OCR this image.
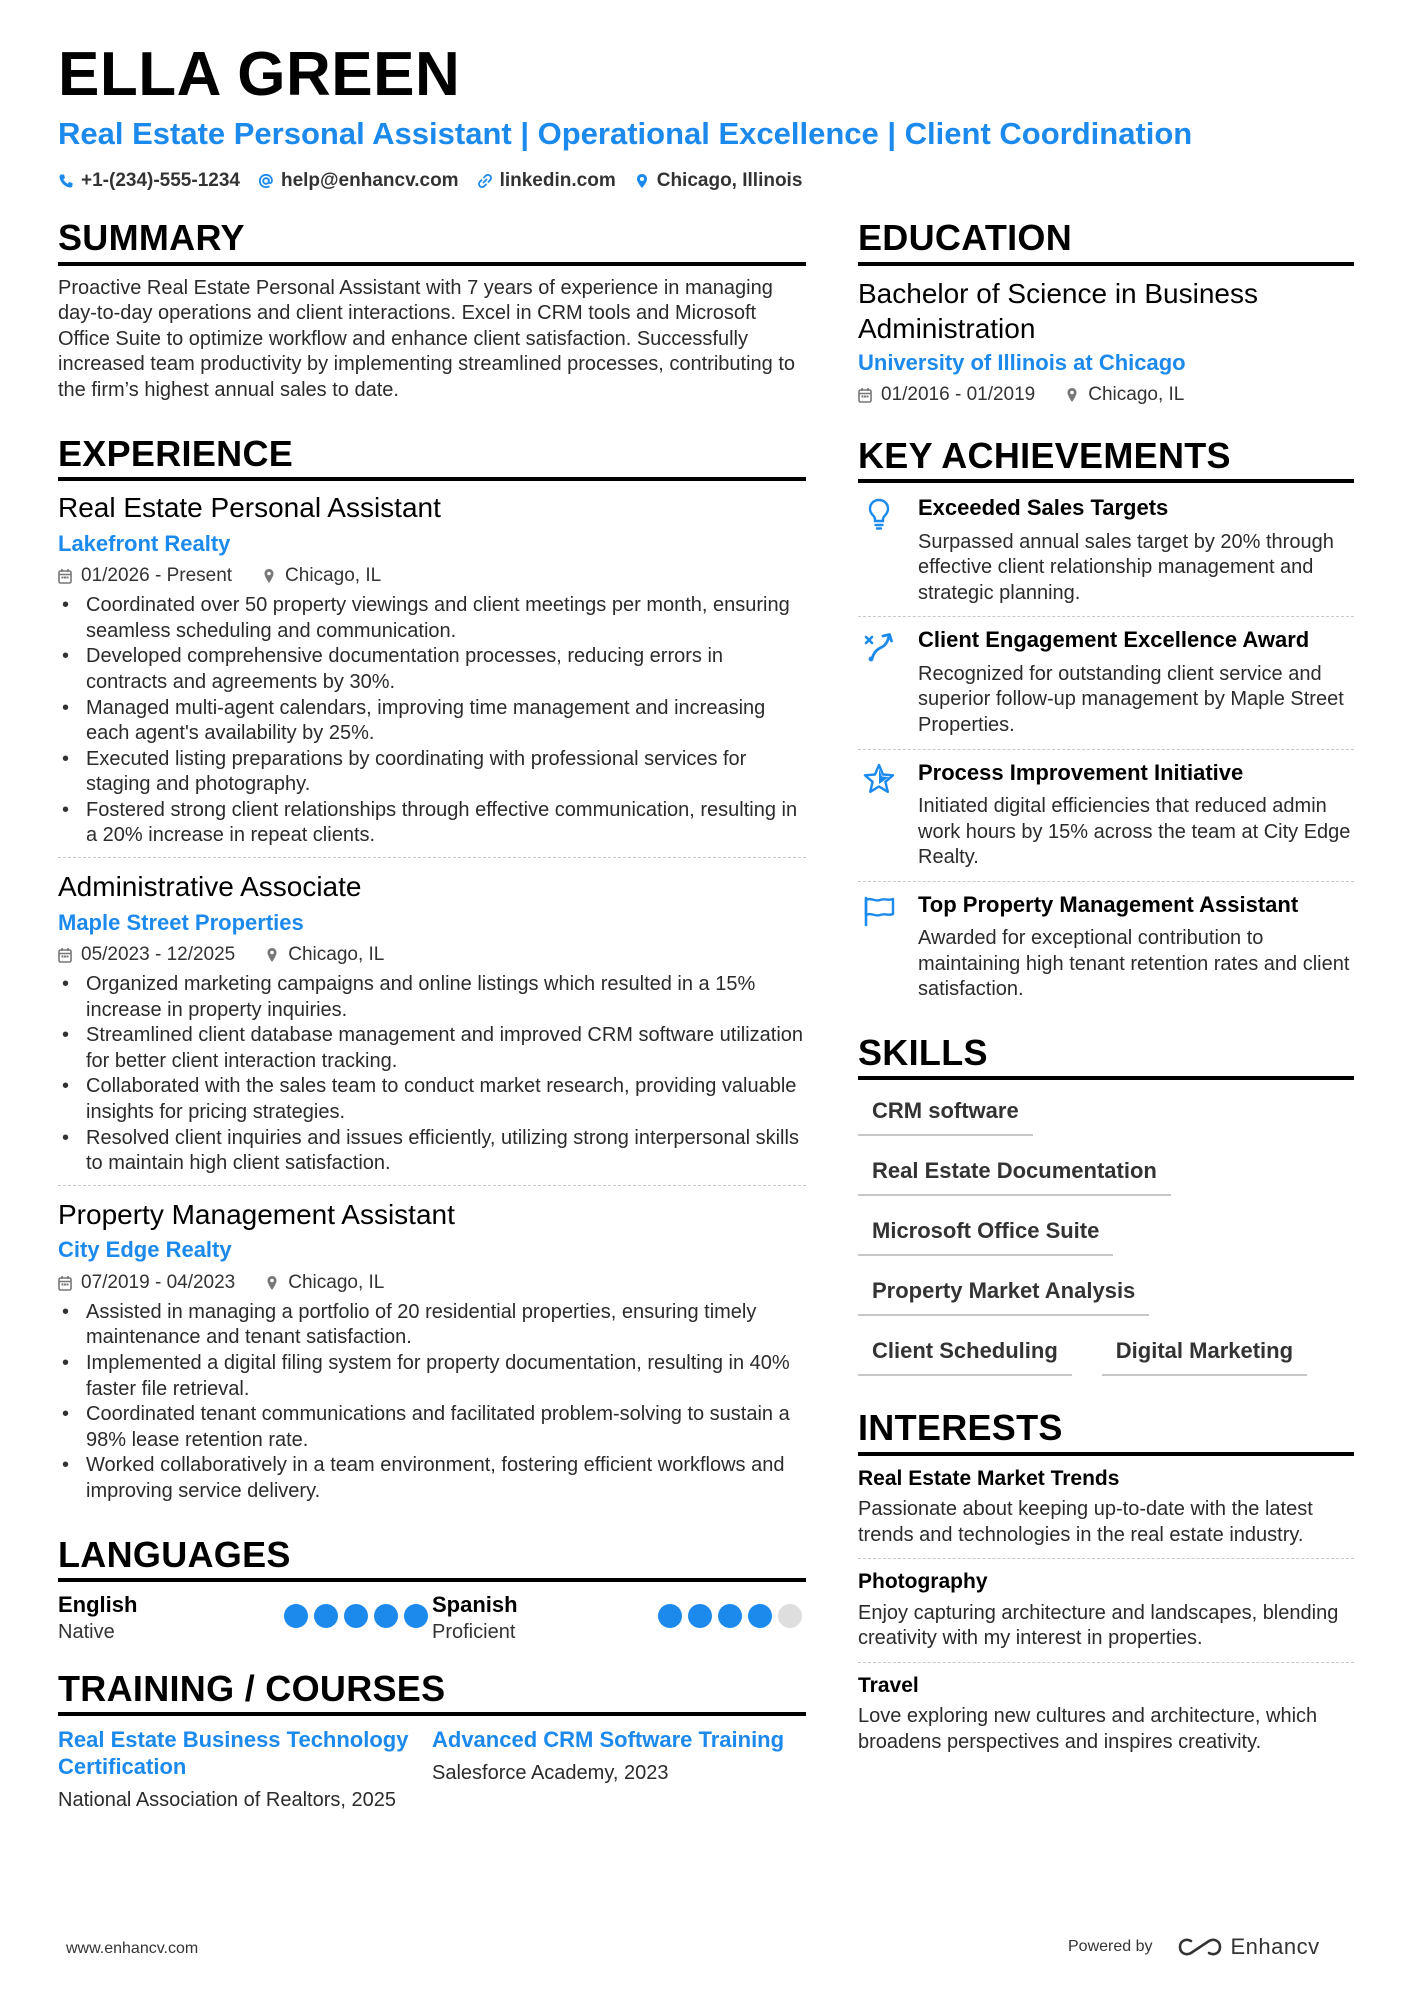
ELLA GREEN
Real Estate Personal Assistant | Operational Excellence | Client Coordination
+1-(234)-555-1234 help@enhancv.com linkedin.com Chicago, Illinois
SUMMARY

Proactive Real Estate Personal Assistant with 7 years of experience in managing day-to-day operations and client interactions. Excel in CRM tools and Microsoft Office Suite to optimize workflow and enhance client satisfaction. Successfully increased team productivity by implementing streamlined processes, contributing to the firm’s highest annual sales to date.

EXPERIENCE
Real Estate Personal Assistant
Lakefront Realty
01/2026 - Present	Chicago, IL
• Coordinated over 50 property viewings and client meetings per month, ensuring seamless scheduling and communication.
• Developed comprehensive documentation processes, reducing errors in contracts and agreements by 30%.
• Managed multi-agent calendars, improving time management and increasing each agent's availability by 25%.
• Executed listing preparations by coordinating with professional services for staging and photography.
• Fostered strong client relationships through effective communication, resulting in a 20% increase in repeat clients.
Administrative Associate
Maple Street Properties
05/2023 - 12/2025	Chicago, IL
• Organized marketing campaigns and online listings which resulted in a 15% increase in property inquiries.
• Streamlined client database management and improved CRM software utilization for better client interaction tracking.
• Collaborated with the sales team to conduct market research, providing valuable insights for pricing strategies.
• Resolved client inquiries and issues efficiently, utilizing strong interpersonal skills to maintain high client satisfaction.
Property Management Assistant
City Edge Realty
07/2019 - 04/2023	Chicago, IL
• Assisted in managing a portfolio of 20 residential properties, ensuring timely maintenance and tenant satisfaction.
• Implemented a digital filing system for property documentation, resulting in 40% faster file retrieval.
• Coordinated tenant communications and facilitated problem-solving to sustain a 98% lease retention rate.
• Worked collaboratively in a team environment, fostering efficient workflows and improving service delivery.
LANGUAGES
English
Native
Spanish
Proficient
TRAINING / COURSES
Real Estate Business Technology Certification
National Association of Realtors, 2025
Advanced CRM Software Training
Salesforce Academy, 2023
EDUCATION
Bachelor of Science in Business Administration
University of Illinois at Chicago
01/2016 - 01/2019	Chicago, IL
KEY ACHIEVEMENTS
Exceeded Sales Targets
Surpassed annual sales target by 20% through effective client relationship management and strategic planning.
Client Engagement Excellence Award
Recognized for outstanding client service and superior follow-up management by Maple Street Properties.
Process Improvement Initiative
Initiated digital efficiencies that reduced admin work hours by 15% across the team at City Edge Realty.
Top Property Management Assistant
Awarded for exceptional contribution to maintaining high tenant retention rates and client satisfaction.
SKILLS
CRM software
Real Estate Documentation
Microsoft Office Suite
Property Market Analysis
Client Scheduling	Digital Marketing
INTERESTS
Real Estate Market Trends
Passionate about keeping up-to-date with the latest trends and technologies in the real estate industry.
Photography
Enjoy capturing architecture and landscapes, blending creativity with my interest in properties.
Travel
Love exploring new cultures and architecture, which broadens perspectives and inspires creativity.
www.enhancv.com	Powered by	Enhancv
